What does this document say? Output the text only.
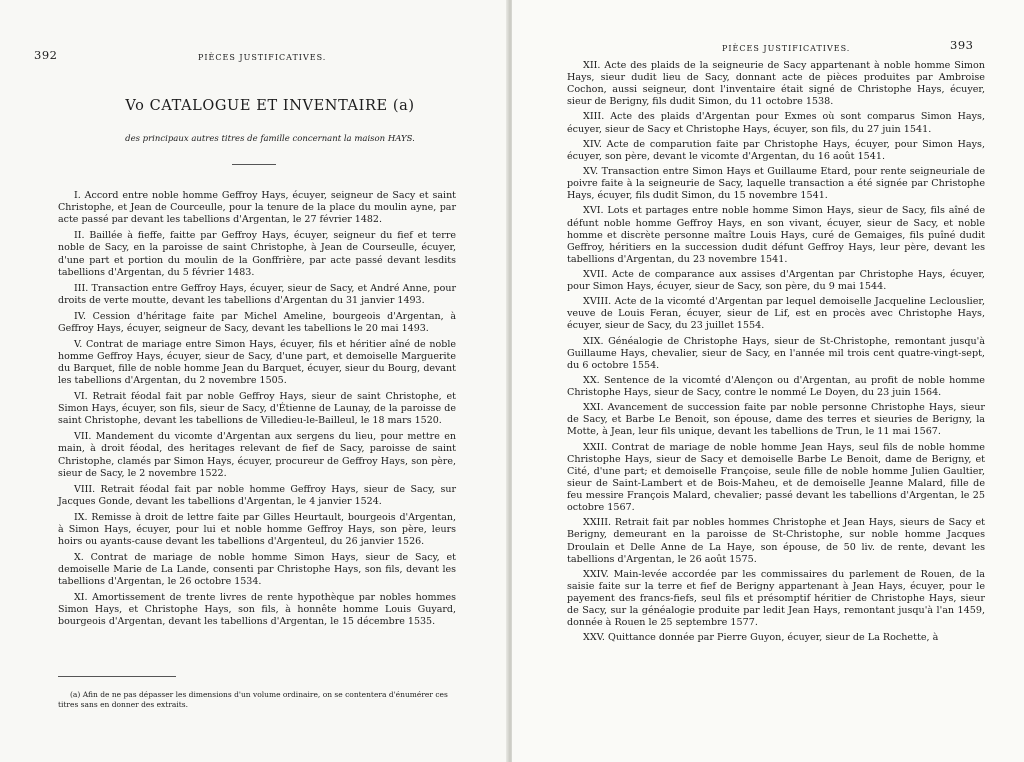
392	PIÈCES JUSTIFICATIVES.
Vo CATALOGUE ET INVENTAIRE (a)
des principaux autres titres de famille concernant la maison HAYS.

I. Accord entre noble homme Geffroy Hays, écuyer, seigneur de Sacy et saint Christophe, et Jean de Courceulle, pour la tenure de la place du moulin ayne, par acte passé par devant les tabellions d'Argentan, le 27 février 1482.

II. Baillée à fieffe, faitte par Geffroy Hays, écuyer, seigneur du fief et terre noble de Sacy, en la paroisse de saint Christophe, à Jean de Courseulle, écuyer, d'une part et portion du moulin de la Gonffrière, par acte passé devant lesdits tabellions d'Argentan, du 5 février 1483.

III. Transaction entre Geffroy Hays, écuyer, sieur de Sacy, et André Anne, pour droits de verte moutte, devant les tabellions d'Argentan du 31 janvier 1493.

IV. Cession d'héritage faite par Michel Ameline, bourgeois d'Argentan, à Geffroy Hays, écuyer, seigneur de Sacy, devant les tabellions le 20 mai 1493.

V. Contrat de mariage entre Simon Hays, écuyer, fils et héritier aîné de noble homme Geffroy Hays, écuyer, sieur de Sacy, d'une part, et demoiselle Marguerite du Barquet, fille de noble homme Jean du Barquet, écuyer, sieur du Bourg, devant les tabellions d'Argentan, du 2 novembre 1505.

VI. Retrait féodal fait par noble Geffroy Hays, sieur de saint Christophe, et Simon Hays, écuyer, son fils, sieur de Sacy, d'Étienne de Launay, de la paroisse de saint Christophe, devant les tabellions de Villedieu-le-Bailleul, le 18 mars 1520.

VII. Mandement du vicomte d'Argentan aux sergens du lieu, pour mettre en main, à droit féodal, des heritages relevant de fief de Sacy, paroisse de saint Christophe, clamés par Simon Hays, écuyer, procureur de Geffroy Hays, son père, sieur de Sacy, le 2 novembre 1522.

VIII. Retrait féodal fait par noble homme Geffroy Hays, sieur de Sacy, sur Jacques Gonde, devant les tabellions d'Argentan, le 4 janvier 1524.

IX. Remisse à droit de lettre faite par Gilles Heurtault, bourgeois d'Argentan, à Simon Hays, écuyer, pour lui et noble homme Geffroy Hays, son père, leurs hoirs ou ayants-cause devant les tabellions d'Argenteul, du 26 janvier 1526.

X. Contrat de mariage de noble homme Simon Hays, sieur de Sacy, et demoiselle Marie de La Lande, consenti par Christophe Hays, son fils, devant les tabellions d'Argentan, le 26 octobre 1534.

XI. Amortissement de trente livres de rente hypothèque par nobles hommes Simon Hays, et Christophe Hays, son fils, à honnête homme Louis Guyard, bourgeois d'Argentan, devant les tabellions d'Argentan, le 15 décembre 1535.

(a) Afin de ne pas dépasser les dimensions d'un volume ordinaire, on se contentera d'énumérer ces titres sans en donner des extraits.
PIÈCES JUSTIFICATIVES.	393

XII. Acte des plaids de la seigneurie de Sacy appartenant à noble homme Simon Hays, sieur dudit lieu de Sacy, donnant acte de pièces produites par Ambroise Cochon, aussi seigneur, dont l'inventaire était signé de Christophe Hays, écuyer, sieur de Berigny, fils dudit Simon, du 11 octobre 1538.

XIII. Acte des plaids d'Argentan pour Exmes où sont comparus Simon Hays, écuyer, sieur de Sacy et Christophe Hays, écuyer, son fils, du 27 juin 1541.

XIV. Acte de comparution faite par Christophe Hays, écuyer, pour Simon Hays, écuyer, son père, devant le vicomte d'Argentan, du 16 août 1541.

XV. Transaction entre Simon Hays et Guillaume Etard, pour rente seigneuriale de poivre faite à la seigneurie de Sacy, laquelle transaction a été signée par Christophe Hays, écuyer, fils dudit Simon, du 15 novembre 1541.

XVI. Lots et partages entre noble homme Simon Hays, sieur de Sacy, fils aîné de défunt noble homme Geffroy Hays, en son vivant, écuyer, sieur de Sacy, et noble homme et discrète personne maître Louis Hays, curé de Gemaiges, fils puîné dudit Geffroy, héritiers en la succession dudit défunt Geffroy Hays, leur père, devant les tabellions d'Argentan, du 23 novembre 1541.

XVII. Acte de comparance aux assises d'Argentan par Christophe Hays, écuyer, pour Simon Hays, écuyer, sieur de Sacy, son père, du 9 mai 1544.

XVIII. Acte de la vicomté d'Argentan par lequel demoiselle Jacqueline Leclouslier, veuve de Louis Feran, écuyer, sieur de Lif, est en procès avec Christophe Hays, écuyer, sieur de Sacy, du 23 juillet 1554.

XIX. Généalogie de Christophe Hays, sieur de St-Christophe, remontant jusqu'à Guillaume Hays, chevalier, sieur de Sacy, en l'année mil trois cent quatre-vingt-sept, du 6 octobre 1554.

XX. Sentence de la vicomté d'Alençon ou d'Argentan, au profit de noble homme Christophe Hays, sieur de Sacy, contre le nommé Le Doyen, du 23 juin 1564.

XXI. Avancement de succession faite par noble personne Christophe Hays, sieur de Sacy, et Barbe Le Benoit, son épouse, dame des terres et sieuries de Berigny, la Motte, à Jean, leur fils unique, devant les tabellions de Trun, le 11 mai 1567.

XXII. Contrat de mariage de noble homme Jean Hays, seul fils de noble homme Christophe Hays, sieur de Sacy et demoiselle Barbe Le Benoit, dame de Berigny, et Cité, d'une part; et demoiselle Françoise, seule fille de noble homme Julien Gaultier, sieur de Saint-Lambert et de Bois-Maheu, et de demoiselle Jeanne Malard, fille de feu messire François Malard, chevalier; passé devant les tabellions d'Argentan, le 25 octobre 1567.

XXIII. Retrait fait par nobles hommes Christophe et Jean Hays, sieurs de Sacy et Berigny, demeurant en la paroisse de St-Christophe, sur noble homme Jacques Droulain et Delle Anne de La Haye, son épouse, de 50 liv. de rente, devant les tabellions d'Argentan, le 26 août 1575.

XXIV. Main-levée accordée par les commissaires du parlement de Rouen, de la saisie faite sur la terre et fief de Berigny appartenant à Jean Hays, écuyer, pour le payement des francs-fiefs, seul fils et présomptif héritier de Christophe Hays, sieur de Sacy, sur la généalogie produite par ledit Jean Hays, remontant jusqu'à l'an 1459, donnée à Rouen le 25 septembre 1577.

XXV. Quittance donnée par Pierre Guyon, écuyer, sieur de La Rochette, à
